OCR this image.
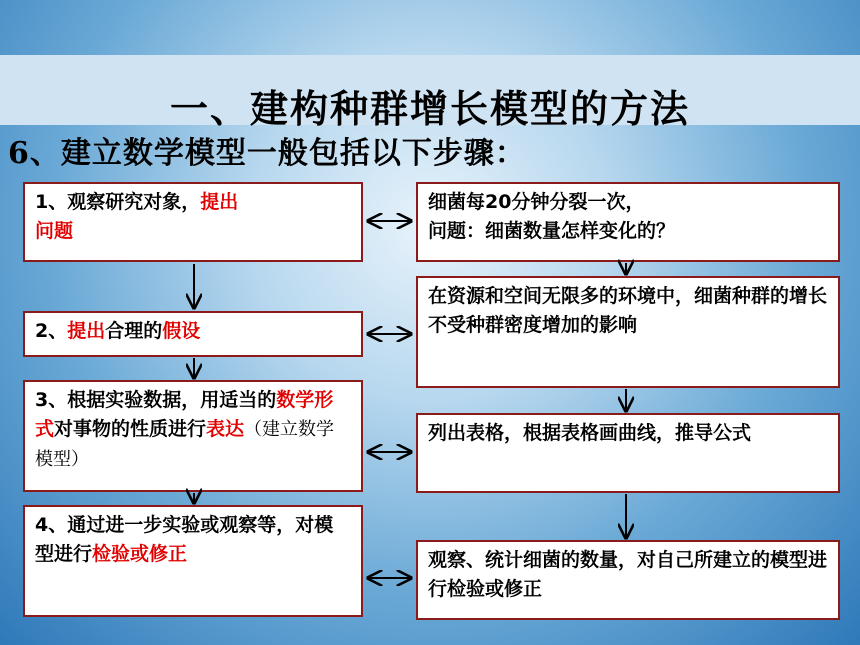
一、建构种群增长模型的方法
6、建立数学模型一般包括以下步骤：
1、观察研究对象，提出
问题
2、提出合理的假设
3、根据实验数据，用适当的数学形式对事物的性质进行表达（建立数学模型）
4、通过进一步实验或观察等，对模型进行检验或修正
细菌每20分钟分裂一次，
问题：细菌数量怎样变化的？
在资源和空间无限多的环境中，细菌种群的增长不受种群密度增加的影响
列出表格，根据表格画曲线，推导公式
观察、统计细菌的数量，对自己所建立的模型进行检验或修正
